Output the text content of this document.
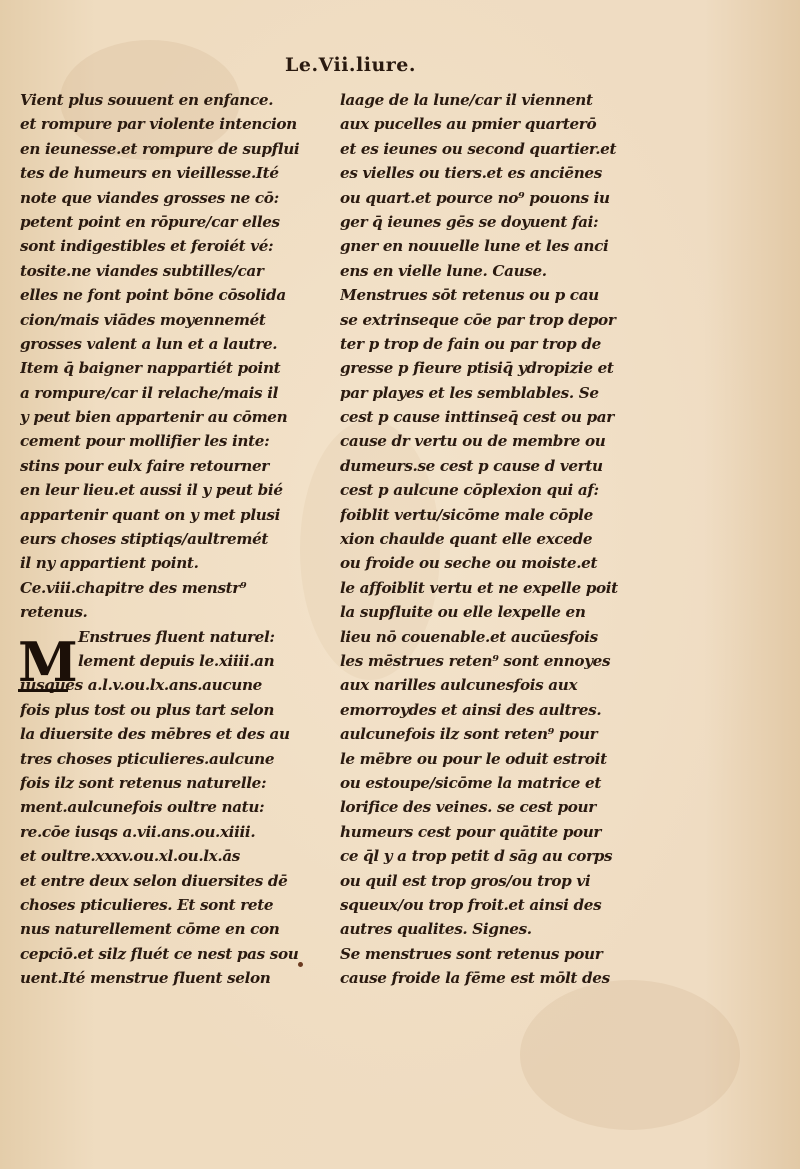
Le.Vii.liure.
Vient plus souuent en enfance.
et rompure par violente intencion
en ieunesse.et rompure de supflui
tes de humeurs en vieillesse.Ité
note que viandes grosses ne cō:
petent point en rōpure/car elles
sont indigestibles et feroiét vé:
tosite.ne viandes subtilles/car
elles ne font point bōne cōsolida
cion/mais viādes moyennemét
grosses valent a lun et a lautre.
Item q̄ baigner nappartiét point
a rompure/car il relache/mais il
y peut bien appartenir au cōmen
cement pour mollifier les inte:
stins pour eulx faire retourner
en leur lieu.et aussi il y peut bié
appartenir quant on y met plusi
eurs choses stiptiqs/aultremét
il ny appartient point.
Ce.viii.chapitre des menstr⁹
retenus.
Enstrues fluent naturel:
lement depuis le.xiiii.an
iusques a.l.v.ou.lx.ans.aucune
fois plus tost ou plus tart selon
la diuersite des mēbres et des au
tres choses pticulieres.aulcune
fois ilz sont retenus naturelle:
ment.aulcunefois oultre natu:
re.cōe iusqs a.vii.ans.ou.xiiii.
et oultre.xxxv.ou.xl.ou.lx.ās
et entre deux selon diuersites dē
choses pticulieres. Et sont rete
nus naturellement cōme en con
cepciō.et silz fluét ce nest pas sou
uent.Ité menstrue fluent selon
M
laage de la lune/car il viennent
aux pucelles au pmier quarterō
et es ieunes ou second quartier.et
es vielles ou tiers.et es anciēnes
ou quart.et pource no⁹ pouons iu
ger q̄ ieunes gēs se doyuent fai:
gner en nouuelle lune et les anci
ens en vielle lune. Cause.
Menstrues sōt retenus ou p cau
se extrinseque cōe par trop depor
ter p trop de fain ou par trop de
gresse p fieure ptisiq̄ ydropizie et
par playes et les semblables. Se
cest p cause inttinseq̄ cest ou par
cause dr vertu ou de membre ou
dumeurs.se cest p cause d vertu
cest p aulcune cōplexion qui af:
foiblit vertu/sicōme male cōple
xion chaulde quant elle excede
ou froide ou seche ou moiste.et
le affoiblit vertu et ne expelle poit
la supfluite ou elle lexpelle en
lieu nō couenable.et aucūesfois
les mēstrues reten⁹ sont ennoyes
aux narilles aulcunesfois aux
emorroydes et ainsi des aultres.
aulcunefois ilz sont reten⁹ pour
le mēbre ou pour le oduit estroit
ou estoupe/sicōme la matrice et
lorifice des veines. se cest pour
humeurs cest pour quātite pour
ce q̄l y a trop petit d sāg au corps
ou quil est trop gros/ou trop vi
squeux/ou trop froit.et ainsi des
autres qualites. Signes.
Se menstrues sont retenus pour
cause froide la fēme est mōlt des
